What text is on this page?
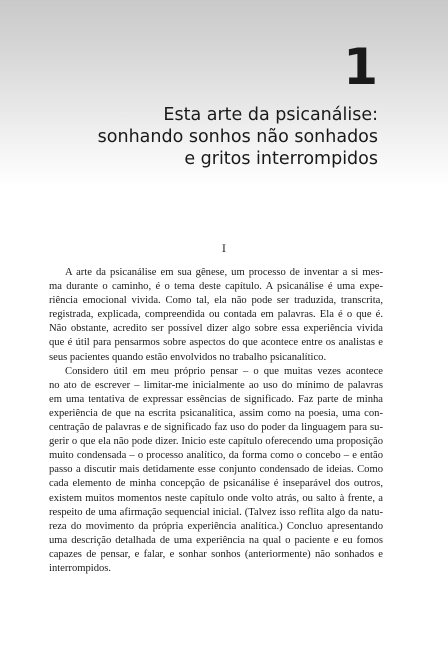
1
Esta arte da psicanálise:
sonhando sonhos não sonhados
e gritos interrompidos

I

A arte da psicanálise em sua gênese, um processo de inventar a si mes-
ma durante o caminho, é o tema deste capítulo. A psicanálise é uma expe-
riência emocional vivida. Como tal, ela não pode ser traduzida, transcrita,
registrada, explicada, compreendida ou contada em palavras. Ela é o que é.
Não obstante, acredito ser possível dizer algo sobre essa experiência vivida
que é útil para pensarmos sobre aspectos do que acontece entre os analistas e
seus pacientes quando estão envolvidos no trabalho psicanalítico.
Considero útil em meu próprio pensar – o que muitas vezes acontece
no ato de escrever – limitar-me inicialmente ao uso do mínimo de palavras
em uma tentativa de expressar essências de significado. Faz parte de minha
experiência de que na escrita psicanalítica, assim como na poesia, uma con-
centração de palavras e de significado faz uso do poder da linguagem para su-
gerir o que ela não pode dizer. Inicio este capítulo oferecendo uma proposição
muito condensada – o processo analítico, da forma como o concebo – e então
passo a discutir mais detidamente esse conjunto condensado de ideias. Como
cada elemento de minha concepção de psicanálise é inseparável dos outros,
existem muitos momentos neste capítulo onde volto atrás, ou salto à frente, a
respeito de uma afirmação sequencial inicial. (Talvez isso reflita algo da natu-
reza do movimento da própria experiência analítica.) Concluo apresentando
uma descrição detalhada de uma experiência na qual o paciente e eu fomos
capazes de pensar, e falar, e sonhar sonhos (anteriormente) não sonhados e
interrompidos.
